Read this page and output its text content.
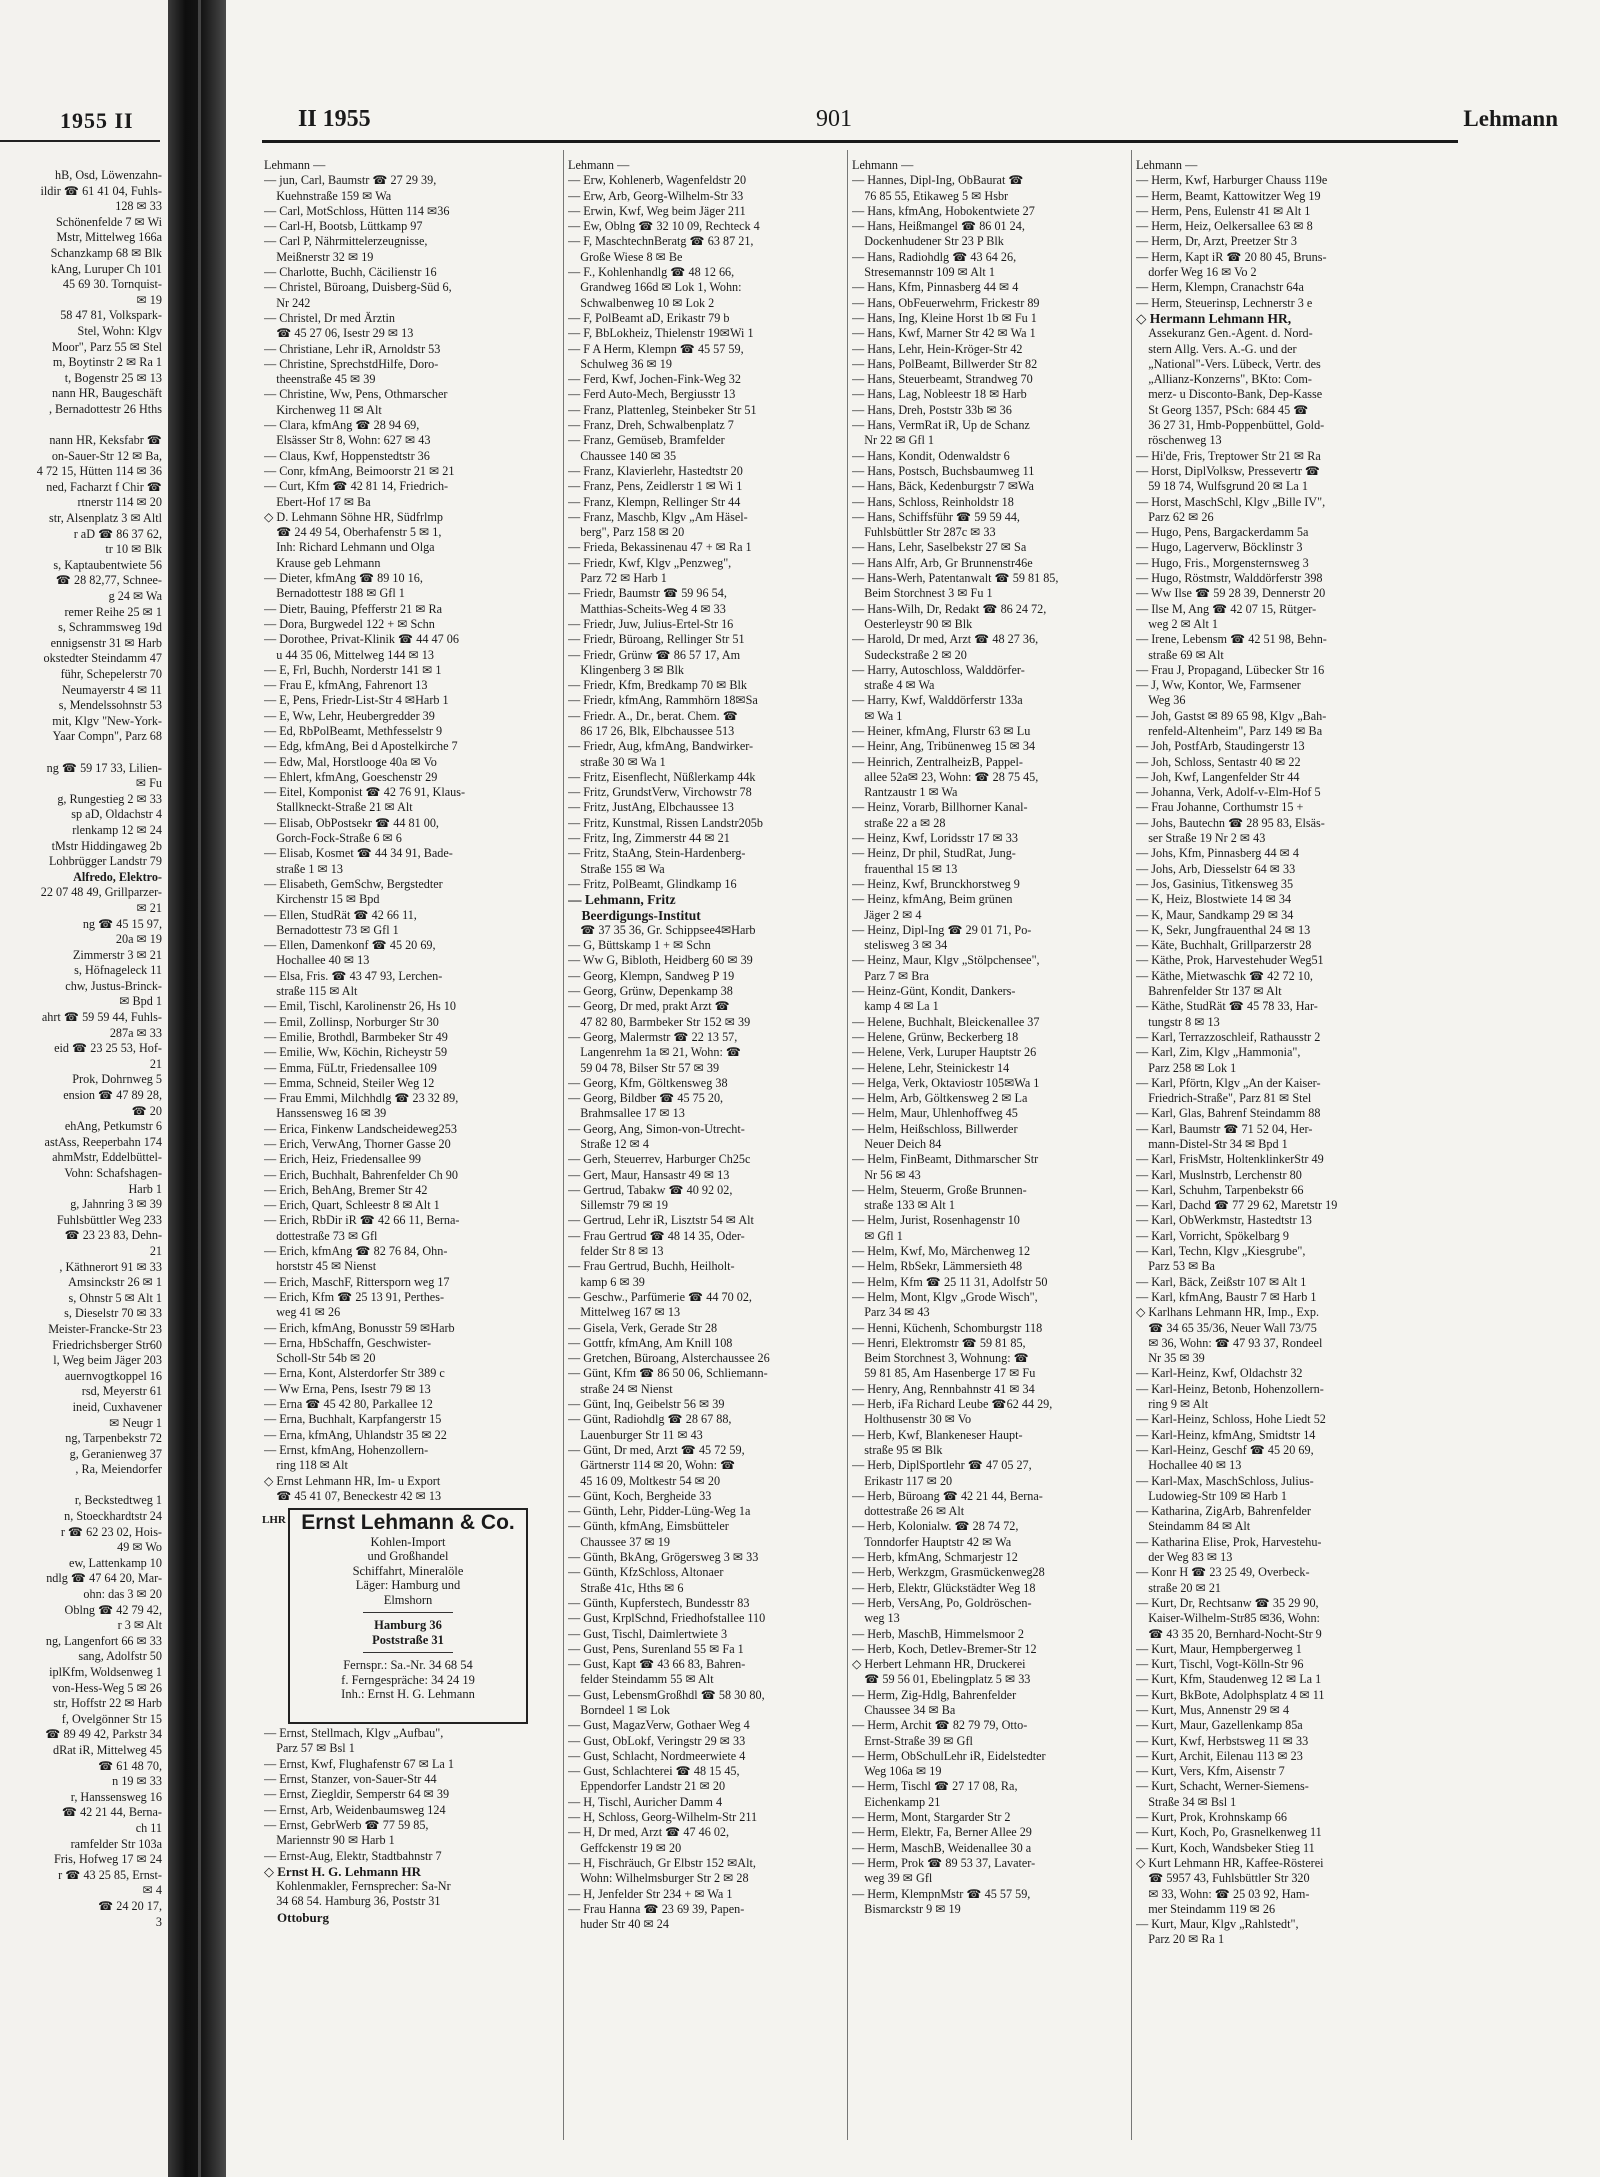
1955 II
hB, Osd, Löwenzahn-
ildir ☎ 61 41 04, Fuhls-
128 ✉ 33
Schönenfelde 7 ✉ Wi
Mstr, Mittelweg 166a
Schanzkamp 68 ✉ Blk
kAng, Luruper Ch 101
45 69 30. Tornquist-
✉ 19
58 47 81, Volkspark-
Stel, Wohn: Klgv
Moor", Parz 55 ✉ Stel
m, Boytinstr 2 ✉ Ra 1
t, Bogenstr 25 ✉ 13
nann HR, Baugeschäft
, Bernadottestr 26 Hths

nann HR, Keksfabr ☎
on-Sauer-Str 12 ✉ Ba,
4 72 15, Hütten 114 ✉ 36
ned, Facharzt f Chir ☎
rtnerstr 114 ✉ 20
str, Alsenplatz 3 ✉ Altl
r aD ☎ 86 37 62,
tr 10 ✉ Blk
s, Kaptaubentwiete 56
☎ 28 82,77, Schnee-
g 24 ✉ Wa
remer Reihe 25 ✉ 1
s, Schrammsweg 19d
ennigsenstr 31 ✉ Harb
okstedter Steindamm 47
führ, Schepelerstr 70
Neumayerstr 4 ✉ 11
s, Mendelssohnstr 53
mit, Klgv "New-York-
Yaar Compn", Parz 68

ng ☎ 59 17 33, Lilien-
✉ Fu
g, Rungestieg 2 ✉ 33
sp aD, Oldachstr 4
rlenkamp 12 ✉ 24
tMstr Hiddingaweg 2b
Lohbrügger Landstr 79
Alfredo, Elektro-
22 07 48 49, Grillparzer-
✉ 21
ng ☎ 45 15 97,
20a ✉ 19
Zimmerstr 3 ✉ 21
s, Höfnageleck 11
chw, Justus-Brinck-
✉ Bpd 1
ahrt ☎ 59 59 44, Fuhls-
287a ✉ 33
eid ☎ 23 25 53, Hof-
21
Prok, Dohrnweg 5
ension ☎ 47 89 28,
☎ 20
ehAng, Petkumstr 6
astAss, Reeperbahn 174
ahmMstr, Eddelbüttel-
Vohn: Schafshagen-
Harb 1
g, Jahnring 3 ✉ 39
Fuhlsbüttler Weg 233
☎ 23 23 83, Dehn-
21
, Käthnerort 91 ✉ 33
Amsinckstr 26 ✉ 1
s, Ohnstr 5 ✉ Alt 1
s, Dieselstr 70 ✉ 33
Meister-Francke-Str 23
Friedrichsberger Str60
l, Weg beim Jäger 203
auernvogtkoppel 16
rsd, Meyerstr 61
ineid, Cuxhavener
✉ Neugr 1
ng, Tarpenbekstr 72
g, Geranienweg 37
, Ra, Meiendorfer

r, Beckstedtweg 1
n, Stoeckhardtstr 24
r ☎ 62 23 02, Hois-
49 ✉ Wo
ew, Lattenkamp 10
ndlg ☎ 47 64 20, Mar-
ohn: das 3 ✉ 20
Oblng ☎ 42 79 42,
r 3 ✉ Alt
ng, Langenfort 66 ✉ 33
sang, Adolfstr 50
iplKfm, Woldsenweg 1
von-Hess-Weg 5 ✉ 26
str, Hoffstr 22 ✉ Harb
f, Ovelgönner Str 15
☎ 89 49 42, Parkstr 34
dRat iR, Mittelweg 45
☎ 61 48 70,
n 19 ✉ 33
r, Hanssensweg 16
☎ 42 21 44, Berna-
ch 11
ramfelder Str 103a
Fris, Hofweg 17 ✉ 24
r ☎ 43 25 85, Ernst-
✉ 4
☎ 24 20 17,
3
II 1955	901	Lehmann
Lehmann —
— jun, Carl, Baumstr ☎ 27 29 39,
 Kuehnstraße 159 ✉ Wa
— Carl, MotSchloss, Hütten 114 ✉36
— Carl-H, Bootsb, Lüttkamp 97
— Carl P, Nährmittelerzeugnisse,
 Meißnerstr 32 ✉ 19
— Charlotte, Buchh, Cäcilienstr 16
— Christel, Büroang, Duisberg-Süd 6,
 Nr 242
— Christel, Dr med Ärztin
 ☎ 45 27 06, Isestr 29 ✉ 13
— Christiane, Lehr iR, Arnoldstr 53
— Christine, SprechstdHilfe, Doro-
 theenstraße 45 ✉ 39
— Christine, Ww, Pens, Othmarscher
 Kirchenweg 11 ✉ Alt
— Clara, kfmAng ☎ 28 94 69,
 Elsässer Str 8, Wohn: 627 ✉ 43
— Claus, Kwf, Hoppenstedtstr 36
— Conr, kfmAng, Beimoorstr 21 ✉ 21
— Curt, Kfm ☎ 42 81 14, Friedrich-
 Ebert-Hof 17 ✉ Ba
◇ D. Lehmann Söhne HR, Südfrlmp
 ☎ 24 49 54, Oberhafenstr 5 ✉ 1,
 Inh: Richard Lehmann und Olga
 Krause geb Lehmann
— Dieter, kfmAng ☎ 89 10 16,
 Bernadottestr 188 ✉ Gfl 1
— Dietr, Bauing, Pfefferstr 21 ✉ Ra
— Dora, Burgwedel 122 + ✉ Schn
— Dorothee, Privat-Klinik ☎ 44 47 06
 u 44 35 06, Mittelweg 144 ✉ 13
— E, Frl, Buchh, Norderstr 141 ✉ 1
— Frau E, kfmAng, Fahrenort 13
— E, Pens, Friedr-List-Str 4 ✉Harb 1
— E, Ww, Lehr, Heubergredder 39
— Ed, RbPolBeamt, Methfesselstr 9
— Edg, kfmAng, Bei d Apostelkirche 7
— Edw, Mal, Horstlooge 40a ✉ Vo
— Ehlert, kfmAng, Goeschenstr 29
— Eitel, Komponist ☎ 42 76 91, Klaus-
 Stallkneckt-Straße 21 ✉ Alt
— Elisab, ObPostsekr ☎ 44 81 00,
 Gorch-Fock-Straße 6 ✉ 6
— Elisab, Kosmet ☎ 44 34 91, Bade-
 straße 1 ✉ 13
— Elisabeth, GemSchw, Bergstedter
 Kirchenstr 15 ✉ Bpd
— Ellen, StudRät ☎ 42 66 11,
 Bernadottestr 73 ✉ Gfl 1
— Ellen, Damenkonf ☎ 45 20 69,
 Hochallee 40 ✉ 13
— Elsa, Fris. ☎ 43 47 93, Lerchen-
 straße 115 ✉ Alt
— Emil, Tischl, Karolinenstr 26, Hs 10
— Emil, Zollinsp, Norburger Str 30
— Emilie, Brothdl, Barmbeker Str 49
— Emilie, Ww, Köchin, Richeystr 59
— Emma, FüLtr, Friedensallee 109
— Emma, Schneid, Steiler Weg 12
— Frau Emmi, Milchhdlg ☎ 23 32 89,
 Hanssensweg 16 ✉ 39
— Erica, Finkenw Landscheideweg253
— Erich, VerwAng, Thorner Gasse 20
— Erich, Heiz, Friedensallee 99
— Erich, Buchhalt, Bahrenfelder Ch 90
— Erich, BehAng, Bremer Str 42
— Erich, Quart, Schleestr 8 ✉ Alt 1
— Erich, RbDir iR ☎ 42 66 11, Berna-
 dottestraße 73 ✉ Gfl
— Erich, kfmAng ☎ 82 76 84, Ohn-
 horststr 45 ✉ Nienst
— Erich, MaschF, Rittersporn weg 17
— Erich, Kfm ☎ 25 13 91, Perthes-
 weg 41 ✉ 26
— Erich, kfmAng, Bonusstr 59 ✉Harb
— Erna, HbSchaffn, Geschwister-
 Scholl-Str 54b ✉ 20
— Erna, Kont, Alsterdorfer Str 389 c
— Ww Erna, Pens, Isestr 79 ✉ 13
— Erna ☎ 45 42 80, Parkallee 12
— Erna, Buchhalt, Karpfangerstr 15
— Erna, kfmAng, Uhlandstr 35 ✉ 22
— Ernst, kfmAng, Hohenzollern-
 ring 118 ✉ Alt
◇ Ernst Lehmann HR, Im- u Export
 ☎ 45 41 07, Beneckestr 42 ✉ 13
— Ernst, Stellmach, Klgv „Aufbau",
 Parz 57 ✉ Bsl 1
— Ernst, Kwf, Flughafenstr 67 ✉ La 1
— Ernst, Stanzer, von-Sauer-Str 44
— Ernst, Ziegldir, Semperstr 64 ✉ 39
— Ernst, Arb, Weidenbaumsweg 124
— Ernst, GebrWerb ☎ 77 59 85,
 Mariennstr 90 ✉ Harb 1
— Ernst-Aug, Elektr, Stadtbahnstr 7
◇ Ernst H. G. Lehmann HR
 Kohlenmakler, Fernsprecher: Sa-Nr
 34 68 54. Hamburg 36, Poststr 31
 Ottoburg
Lehmann —
— Erw, Kohlenerb, Wagenfeldstr 20
— Erw, Arb, Georg-Wilhelm-Str 33
— Erwin, Kwf, Weg beim Jäger 211
— Ew, Oblng ☎ 32 10 09, Rechteck 4
— F, MaschtechnBeratg ☎ 63 87 21,
 Große Wiese 8 ✉ Be
— F., Kohlenhandlg ☎ 48 12 66,
 Grandweg 166d ✉ Lok 1, Wohn:
 Schwalbenweg 10 ✉ Lok 2
— F, PolBeamt aD, Erikastr 79 b
— F, BbLokheiz, Thielenstr 19✉Wi 1
— F A Herm, Klempn ☎ 45 57 59,
 Schulweg 36 ✉ 19
— Ferd, Kwf, Jochen-Fink-Weg 32
— Ferd Auto-Mech, Bergiusstr 13
— Franz, Plattenleg, Steinbeker Str 51
— Franz, Dreh, Schwalbenplatz 7
— Franz, Gemüseb, Bramfelder
 Chaussee 140 ✉ 35
— Franz, Klavierlehr, Hastedtstr 20
— Franz, Pens, Zeidlerstr 1 ✉ Wi 1
— Franz, Klempn, Rellinger Str 44
— Franz, Maschb, Klgv „Am Häsel-
 berg", Parz 158 ✉ 20
— Frieda, Bekassinenau 47 + ✉ Ra 1
— Friedr, Kwf, Klgv „Penzweg",
 Parz 72 ✉ Harb 1
— Friedr, Baumstr ☎ 59 96 54,
 Matthias-Scheits-Weg 4 ✉ 33
— Friedr, Juw, Julius-Ertel-Str 16
— Friedr, Büroang, Rellinger Str 51
— Friedr, Grünw ☎ 86 57 17, Am
 Klingenberg 3 ✉ Blk
— Friedr, Kfm, Bredkamp 70 ✉ Blk
— Friedr, kfmAng, Rammhörn 18✉Sa
— Friedr. A., Dr., berat. Chem. ☎
 86 17 26, Blk, Elbchaussee 513
— Friedr, Aug, kfmAng, Bandwirker-
 straße 30 ✉ Wa 1
— Fritz, Eisenflecht, Nüßlerkamp 44k
— Fritz, GrundstVerw, Virchowstr 78
— Fritz, JustAng, Elbchaussee 13
— Fritz, Kunstmal, Rissen Landstr205b
— Fritz, Ing, Zimmerstr 44 ✉ 21
— Fritz, StaAng, Stein-Hardenberg-
 Straße 155 ✉ Wa
— Fritz, PolBeamt, Glindkamp 16
— Lehmann, Fritz
 Beerdigungs-Institut
 ☎ 37 35 36, Gr. Schippsee4✉Harb
— G, Büttskamp 1 + ✉ Schn
— Ww G, Bibloth, Heidberg 60 ✉ 39
— Georg, Klempn, Sandweg P 19
— Georg, Grünw, Depenkamp 38
— Georg, Dr med, prakt Arzt ☎
 47 82 80, Barmbeker Str 152 ✉ 39
— Georg, Malermstr ☎ 22 13 57,
 Langenrehm 1a ✉ 21, Wohn: ☎
 59 04 78, Bilser Str 57 ✉ 39
— Georg, Kfm, Göltkensweg 38
— Georg, Bildber ☎ 45 75 20,
 Brahmsallee 17 ✉ 13
— Georg, Ang, Simon-von-Utrecht-
 Straße 12 ✉ 4
— Gerh, Steuerrev, Harburger Ch25c
— Gert, Maur, Hansastr 49 ✉ 13
— Gertrud, Tabakw ☎ 40 92 02,
 Sillemstr 79 ✉ 19
— Gertrud, Lehr iR, Lisztstr 54 ✉ Alt
— Frau Gertrud ☎ 48 14 35, Oder-
 felder Str 8 ✉ 13
— Frau Gertrud, Buchh, Heilholt-
 kamp 6 ✉ 39
— Geschw., Parfümerie ☎ 44 70 02,
 Mittelweg 167 ✉ 13
— Gisela, Verk, Gerade Str 28
— Gottfr, kfmAng, Am Knill 108
— Gretchen, Büroang, Alsterchaussee 26
— Günt, Kfm ☎ 86 50 06, Schliemann-
 straße 24 ✉ Nienst
— Günt, Inq, Geibelstr 56 ✉ 39
— Günt, Radiohdlg ☎ 28 67 88,
 Lauenburger Str 11 ✉ 43
— Günt, Dr med, Arzt ☎ 45 72 59,
 Gärtnerstr 114 ✉ 20, Wohn: ☎
 45 16 09, Moltkestr 54 ✉ 20
— Günt, Koch, Bergheide 33
— Günth, Lehr, Pidder-Lüng-Weg 1a
— Günth, kfmAng, Eimsbütteler
 Chaussee 37 ✉ 19
— Günth, BkAng, Grögersweg 3 ✉ 33
— Günth, KfzSchloss, Altonaer
 Straße 41c, Hths ✉ 6
— Günth, Kupferstech, Bundesstr 83
— Gust, KrplSchnd, Friedhofstallee 110
— Gust, Tischl, Daimlertwiete 3
— Gust, Pens, Surenland 55 ✉ Fa 1
— Gust, Kapt ☎ 43 66 83, Bahren-
 felder Steindamm 55 ✉ Alt
— Gust, LebensmGroßhdl ☎ 58 30 80,
 Borndeel 1 ✉ Lok
— Gust, MagazVerw, Gothaer Weg 4
— Gust, ObLokf, Veringstr 29 ✉ 33
— Gust, Schlacht, Nordmeerwiete 4
— Gust, Schlachterei ☎ 48 15 45,
 Eppendorfer Landstr 21 ✉ 20
— H, Tischl, Auricher Damm 4
— H, Schloss, Georg-Wilhelm-Str 211
— H, Dr med, Arzt ☎ 47 46 02,
 Geffckenstr 19 ✉ 20
— H, Fischräuch, Gr Elbstr 152 ✉Alt,
 Wohn: Wilhelmsburger Str 2 ✉ 28
— H, Jenfelder Str 234 + ✉ Wa 1
— Frau Hanna ☎ 23 69 39, Papen-
 huder Str 40 ✉ 24
Lehmann —
— Hannes, Dipl-Ing, ObBaurat ☎
 76 85 55, Etikaweg 5 ✉ Hsbr
— Hans, kfmAng, Hobokentwiete 27
— Hans, Heißmangel ☎ 86 01 24,
 Dockenhudener Str 23 P Blk
— Hans, Radiohdlg ☎ 43 64 26,
 Stresemannstr 109 ✉ Alt 1
— Hans, Kfm, Pinnasberg 44 ✉ 4
— Hans, ObFeuerwehrm, Frickestr 89
— Hans, Ing, Kleine Horst 1b ✉ Fu 1
— Hans, Kwf, Marner Str 42 ✉ Wa 1
— Hans, Lehr, Hein-Kröger-Str 42
— Hans, PolBeamt, Billwerder Str 82
— Hans, Steuerbeamt, Strandweg 70
— Hans, Lag, Nobleestr 18 ✉ Harb
— Hans, Dreh, Poststr 33b ✉ 36
— Hans, VermRat iR, Up de Schanz
 Nr 22 ✉ Gfl 1
— Hans, Kondit, Odenwaldstr 6
— Hans, Postsch, Buchsbaumweg 11
— Hans, Bäck, Kedenburgstr 7 ✉Wa
— Hans, Schloss, Reinholdstr 18
— Hans, Schiffsführ ☎ 59 59 44,
 Fuhlsbüttler Str 287c ✉ 33
— Hans, Lehr, Saselbekstr 27 ✉ Sa
— Hans Alfr, Arb, Gr Brunnenstr46e
— Hans-Werh, Patentanwalt ☎ 59 81 85,
 Beim Storchnest 3 ✉ Fu 1
— Hans-Wilh, Dr, Redakt ☎ 86 24 72,
 Oesterleystr 90 ✉ Blk
— Harold, Dr med, Arzt ☎ 48 27 36,
 Sudeckstraße 2 ✉ 20
— Harry, Autoschloss, Walddörfer-
 straße 4 ✉ Wa
— Harry, Kwf, Walddörferstr 133a
 ✉ Wa 1
— Heiner, kfmAng, Flurstr 63 ✉ Lu
— Heinr, Ang, Tribünenweg 15 ✉ 34
— Heinrich, ZentralheizB, Pappel-
 allee 52a✉ 23, Wohn: ☎ 28 75 45,
 Rantzaustr 1 ✉ Wa
— Heinz, Vorarb, Billhorner Kanal-
 straße 22 a ✉ 28
— Heinz, Kwf, Loridsstr 17 ✉ 33
— Heinz, Dr phil, StudRat, Jung-
 frauenthal 15 ✉ 13
— Heinz, Kwf, Brunckhorstweg 9
— Heinz, kfmAng, Beim grünen
 Jäger 2 ✉ 4
— Heinz, Dipl-Ing ☎ 29 01 71, Po-
 stelisweg 3 ✉ 34
— Heinz, Maur, Klgv „Stölpchensee",
 Parz 7 ✉ Bra
— Heinz-Günt, Kondit, Dankers-
 kamp 4 ✉ La 1
— Helene, Buchhalt, Bleickenallee 37
— Helene, Grünw, Beckerberg 18
— Helene, Verk, Luruper Hauptstr 26
— Helene, Lehr, Steinickestr 14
— Helga, Verk, Oktaviostr 105✉Wa 1
— Helm, Arb, Göltkensweg 2 ✉ La
— Helm, Maur, Uhlenhoffweg 45
— Helm, Heißschloss, Billwerder
 Neuer Deich 84
— Helm, FinBeamt, Dithmarscher Str
 Nr 56 ✉ 43
— Helm, Steuerm, Große Brunnen-
 straße 133 ✉ Alt 1
— Helm, Jurist, Rosenhagenstr 10
 ✉ Gfl 1
— Helm, Kwf, Mo, Märchenweg 12
— Helm, RbSekr, Lämmersieth 48
— Helm, Kfm ☎ 25 11 31, Adolfstr 50
— Helm, Mont, Klgv „Grode Wisch",
 Parz 34 ✉ 43
— Henni, Küchenh, Schomburgstr 118
— Henri, Elektromstr ☎ 59 81 85,
 Beim Storchnest 3, Wohnung: ☎
 59 81 85, Am Hasenberge 17 ✉ Fu
— Henry, Ang, Rennbahnstr 41 ✉ 34
— Herb, iFa Richard Leube ☎62 44 29,
 Holthusenstr 30 ✉ Vo
— Herb, Kwf, Blankeneser Haupt-
 straße 95 ✉ Blk
— Herb, DiplSportlehr ☎ 47 05 27,
 Erikastr 117 ✉ 20
— Herb, Büroang ☎ 42 21 44, Berna-
 dottestraße 26 ✉ Alt
— Herb, Kolonialw. ☎ 28 74 72,
 Tonndorfer Hauptstr 42 ✉ Wa
— Herb, kfmAng, Schmarjestr 12
— Herb, Werkzgm, Grasmückenweg28
— Herb, Elektr, Glückstädter Weg 18
— Herb, VersAng, Po, Goldröschen-
 weg 13
— Herb, MaschB, Himmelsmoor 2
— Herb, Koch, Detlev-Bremer-Str 12
◇ Herbert Lehmann HR, Druckerei
 ☎ 59 56 01, Ebelingplatz 5 ✉ 33
— Herm, Zig-Hdlg, Bahrenfelder
 Chaussee 34 ✉ Ba
— Herm, Archit ☎ 82 79 79, Otto-
 Ernst-Straße 39 ✉ Gfl
— Herm, ObSchulLehr iR, Eidelstedter
 Weg 106a ✉ 19
— Herm, Tischl ☎ 27 17 08, Ra,
 Eichenkamp 21
— Herm, Mont, Stargarder Str 2
— Herm, Elektr, Fa, Berner Allee 29
— Herm, MaschB, Weidenallee 30 a
— Herm, Prok ☎ 89 53 37, Lavater-
 weg 39 ✉ Gfl
— Herm, KlempnMstr ☎ 45 57 59,
 Bismarckstr 9 ✉ 19
Lehmann —
— Herm, Kwf, Harburger Chauss 119e
— Herm, Beamt, Kattowitzer Weg 19
— Herm, Pens, Eulenstr 41 ✉ Alt 1
— Herm, Heiz, Oelkersallee 63 ✉ 8
— Herm, Dr, Arzt, Preetzer Str 3
— Herm, Kapt iR ☎ 20 80 45, Bruns-
 dorfer Weg 16 ✉ Vo 2
— Herm, Klempn, Cranachstr 64a
— Herm, Steuerinsp, Lechnerstr 3 e
◇ Hermann Lehmann HR,
 Assekuranz Gen.-Agent. d. Nord-
 stern Allg. Vers. A.-G. und der
 „National"-Vers. Lübeck, Vertr. des
 „Allianz-Konzerns", BKto: Com-
 merz- u Disconto-Bank, Dep-Kasse
 St Georg 1357, PSch: 684 45 ☎
 36 27 31, Hmb-Poppenbüttel, Gold-
 röschenweg 13
— Hi'de, Fris, Treptower Str 21 ✉ Ra
— Horst, DiplVolksw, Pressevertr ☎
 59 18 74, Wulfsgrund 20 ✉ La 1
— Horst, MaschSchl, Klgv „Bille IV",
 Parz 62 ✉ 26
— Hugo, Pens, Bargackerdamm 5a
— Hugo, Lagerverw, Böcklinstr 3
— Hugo, Fris., Morgensternsweg 3
— Hugo, Röstmstr, Walddörferstr 398
— Ww Ilse ☎ 59 28 39, Dennerstr 20
— Ilse M, Ang ☎ 42 07 15, Rütger-
 weg 2 ✉ Alt 1
— Irene, Lebensm ☎ 42 51 98, Behn-
 straße 69 ✉ Alt
— Frau J, Propagand, Lübecker Str 16
— J, Ww, Kontor, We, Farmsener
 Weg 36
— Joh, Gastst ✉ 89 65 98, Klgv „Bah-
 renfeld-Altenheim", Parz 149 ✉ Ba
— Joh, PostfArb, Staudingerstr 13
— Joh, Schloss, Sentastr 40 ✉ 22
— Joh, Kwf, Langenfelder Str 44
— Johanna, Verk, Adolf-v-Elm-Hof 5
— Frau Johanne, Corthumstr 15 +
— Johs, Bautechn ☎ 28 95 83, Elsäs-
 ser Straße 19 Nr 2 ✉ 43
— Johs, Kfm, Pinnasberg 44 ✉ 4
— Johs, Arb, Diesselstr 64 ✉ 33
— Jos, Gasinius, Titkensweg 35
— K, Heiz, Blostwiete 14 ✉ 34
— K, Maur, Sandkamp 29 ✉ 34
— K, Sekr, Jungfrauenthal 24 ✉ 13
— Käte, Buchhalt, Grillparzerstr 28
— Käthe, Prok, Harvestehuder Weg51
— Käthe, Mietwaschk ☎ 42 72 10,
 Bahrenfelder Str 137 ✉ Alt
— Käthe, StudRät ☎ 45 78 33, Har-
 tungstr 8 ✉ 13
— Karl, Terrazzoschleif, Rathausstr 2
— Karl, Zim, Klgv „Hammonia",
 Parz 258 ✉ Lok 1
— Karl, Pförtn, Klgv „An der Kaiser-
 Friedrich-Straße", Parz 81 ✉ Stel
— Karl, Glas, Bahrenf Steindamm 88
— Karl, Baumstr ☎ 71 52 04, Her-
 mann-Distel-Str 34 ✉ Bpd 1
— Karl, FrisMstr, HoltenklinkerStr 49
— Karl, Muslnstrb, Lerchenstr 80
— Karl, Schuhm, Tarpenbekstr 66
— Karl, Dachd ☎ 77 29 62, Maretstr 19
— Karl, ObWerkmstr, Hastedtstr 13
— Karl, Vorricht, Spökelbarg 9
— Karl, Techn, Klgv „Kiesgrube",
 Parz 53 ✉ Ba
— Karl, Bäck, Zeißstr 107 ✉ Alt 1
— Karl, kfmAng, Baustr 7 ✉ Harb 1
◇ Karlhans Lehmann HR, Imp., Exp.
 ☎ 34 65 35/36, Neuer Wall 73/75
 ✉ 36, Wohn: ☎ 47 93 37, Rondeel
 Nr 35 ✉ 39
— Karl-Heinz, Kwf, Oldachstr 32
— Karl-Heinz, Betonb, Hohenzollern-
 ring 9 ✉ Alt
— Karl-Heinz, Schloss, Hohe Liedt 52
— Karl-Heinz, kfmAng, Smidtstr 14
— Karl-Heinz, Geschf ☎ 45 20 69,
 Hochallee 40 ✉ 13
— Karl-Max, MaschSchloss, Julius-
 Ludowieg-Str 109 ✉ Harb 1
— Katharina, ZigArb, Bahrenfelder
 Steindamm 84 ✉ Alt
— Katharina Elise, Prok, Harvestehu-
 der Weg 83 ✉ 13
— Konr H ☎ 23 25 49, Overbeck-
 straße 20 ✉ 21
— Kurt, Dr, Rechtsanw ☎ 35 29 90,
 Kaiser-Wilhelm-Str85 ✉36, Wohn:
 ☎ 43 35 20, Bernhard-Nocht-Str 9
— Kurt, Maur, Hempbergerweg 1
— Kurt, Tischl, Vogt-Kölln-Str 96
— Kurt, Kfm, Staudenweg 12 ✉ La 1
— Kurt, BkBote, Adolphsplatz 4 ✉ 11
— Kurt, Mus, Annenstr 29 ✉ 4
— Kurt, Maur, Gazellenkamp 85a
— Kurt, Kwf, Herbstsweg 11 ✉ 33
— Kurt, Archit, Eilenau 113 ✉ 23
— Kurt, Vers, Kfm, Aisenstr 7
— Kurt, Schacht, Werner-Siemens-
 Straße 34 ✉ Bsl 1
— Kurt, Prok, Krohnskamp 66
— Kurt, Koch, Po, Grasnelkenweg 11
— Kurt, Koch, Wandsbeker Stieg 11
◇ Kurt Lehmann HR, Kaffee-Rösterei
 ☎ 5957 43, Fuhlsbüttler Str 320
 ✉ 33, Wohn: ☎ 25 03 92, Ham-
 mer Steindamm 119 ✉ 26
— Kurt, Maur, Klgv „Rahlstedt",
 Parz 20 ✉ Ra 1
LHR Ernst Lehmann & Co.
Kohlen-Import
und Großhandel
Schiffahrt, Mineralöle
Läger: Hamburg und
Elmshorn
Hamburg 36
Poststraße 31
Fernspr.: Sa.-Nr. 34 68 54
f. Ferngespräche: 34 24 19
Inh.: Ernst H. G. Lehmann
